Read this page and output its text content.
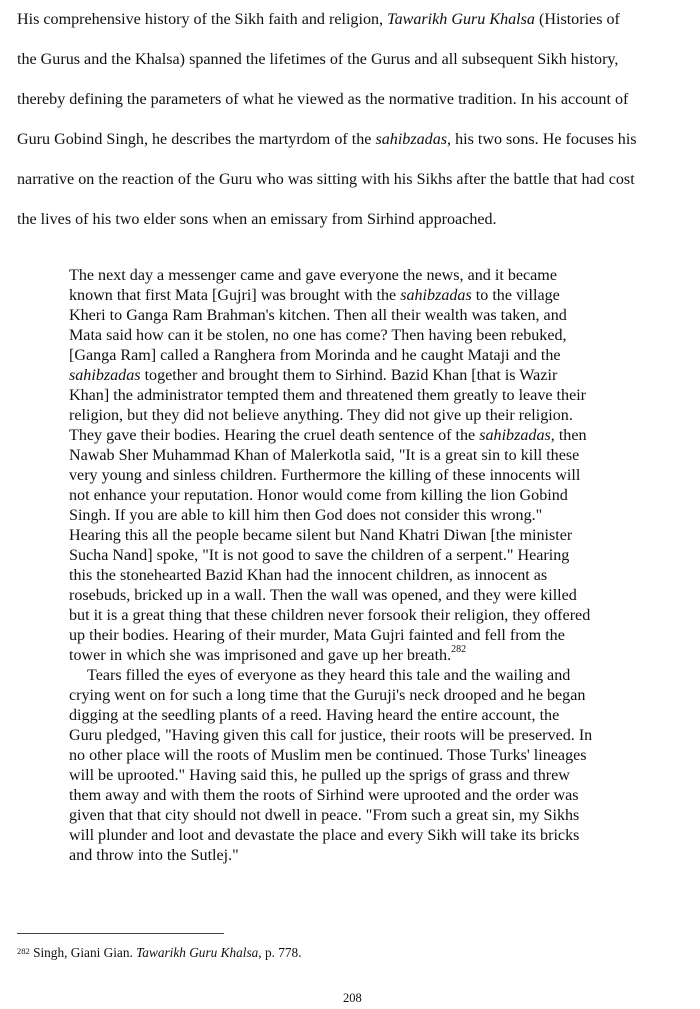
His comprehensive history of the Sikh faith and religion, Tawarikh Guru Khalsa (Histories of
the Gurus and the Khalsa) spanned the lifetimes of the Gurus and all subsequent Sikh history,
thereby defining the parameters of what he viewed as the normative tradition. In his account of
Guru Gobind Singh, he describes the martyrdom of the sahibzadas, his two sons. He focuses his
narrative on the reaction of the Guru who was sitting with his Sikhs after the battle that had cost
the lives of his two elder sons when an emissary from Sirhind approached.
The next day a messenger came and gave everyone the news, and it became
known that first Mata [Gujri] was brought with the sahibzadas to the village
Kheri to Ganga Ram Brahman's kitchen. Then all their wealth was taken, and
Mata said how can it be stolen, no one has come? Then having been rebuked,
[Ganga Ram] called a Ranghera from Morinda and he caught Mataji and the
sahibzadas together and brought them to Sirhind. Bazid Khan [that is Wazir
Khan] the administrator tempted them and threatened them greatly to leave their
religion, but they did not believe anything. They did not give up their religion.
They gave their bodies. Hearing the cruel death sentence of the sahibzadas, then
Nawab Sher Muhammad Khan of Malerkotla said, "It is a great sin to kill these
very young and sinless children. Furthermore the killing of these innocents will
not enhance your reputation. Honor would come from killing the lion Gobind
Singh. If you are able to kill him then God does not consider this wrong."
Hearing this all the people became silent but Nand Khatri Diwan [the minister
Sucha Nand] spoke, "It is not good to save the children of a serpent." Hearing
this the stonehearted Bazid Khan had the innocent children, as innocent as
rosebuds, bricked up in a wall. Then the wall was opened, and they were killed
but it is a great thing that these children never forsook their religion, they offered
up their bodies. Hearing of their murder, Mata Gujri fainted and fell from the
tower in which she was imprisoned and gave up her breath.$^{282}$
Tears filled the eyes of everyone as they heard this tale and the wailing and
crying went on for such a long time that the Guruji's neck drooped and he began
digging at the seedling plants of a reed. Having heard the entire account, the
Guru pledged, "Having given this call for justice, their roots will be preserved. In
no other place will the roots of Muslim men be continued. Those Turks' lineages
will be uprooted." Having said this, he pulled up the sprigs of grass and threw
them away and with them the roots of Sirhind were uprooted and the order was
given that that city should not dwell in peace. "From such a great sin, my Sikhs
will plunder and loot and devastate the place and every Sikh will take its bricks
and throw into the Sutlej."
$^{282}$ Singh, Giani Gian. Tawarikh Guru Khalsa, p. 778.
208
